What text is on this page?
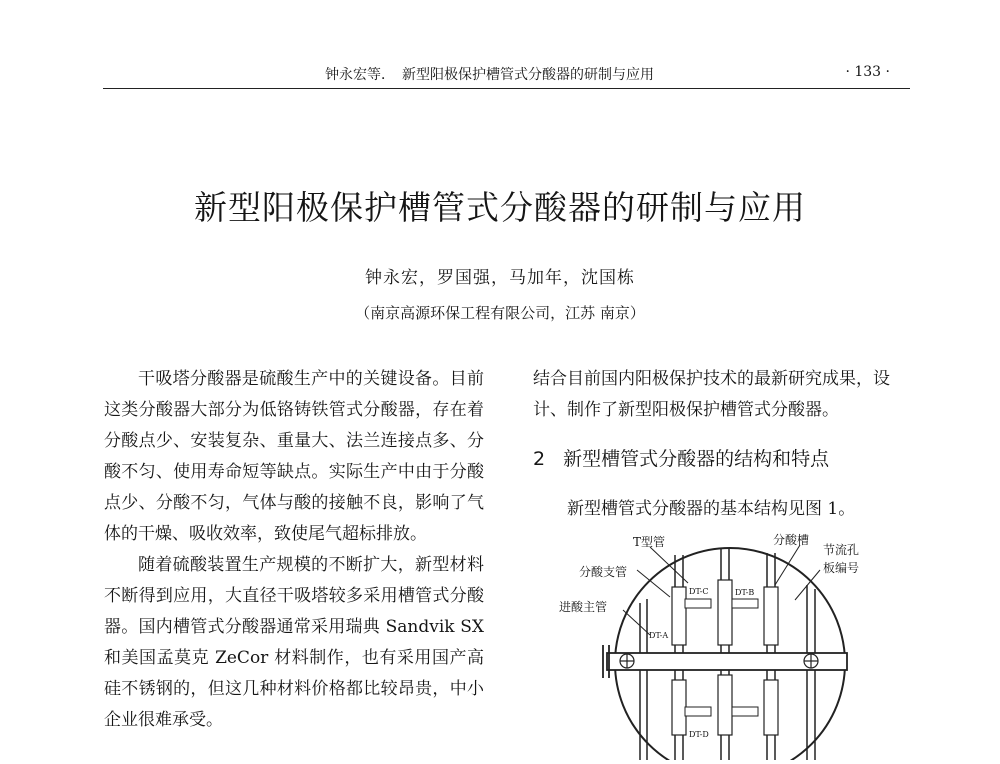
钟永宏等．　新型阳极保护槽管式分酸器的研制与应用	· 133 ·
新型阳极保护槽管式分酸器的研制与应用
钟永宏，罗国强，马加年，沈国栋
（南京高源环保工程有限公司，江苏 南京）

干吸塔分酸器是硫酸生产中的关键设备。目前这类分酸器大部分为低铬铸铁管式分酸器，存在着分酸点少、安装复杂、重量大、法兰连接点多、分酸不匀、使用寿命短等缺点。实际生产中由于分酸点少、分酸不匀，气体与酸的接触不良，影响了气体的干燥、吸收效率，致使尾气超标排放。

随着硫酸装置生产规模的不断扩大，新型材料不断得到应用，大直径干吸塔较多采用槽管式分酸器。国内槽管式分酸器通常采用瑞典 Sandvik SX 和美国孟莫克 ZeCor 材料制作，也有采用国产高硅不锈钢的，但这几种材料价格都比较昂贵，中小企业很难承受。

结合目前国内阳极保护技术的最新研究成果，设计、制作了新型阳极保护槽管式分酸器。

2 新型槽管式分酸器的结构和特点
新型槽管式分酸器的基本结构见图 1。
T型管
分酸支管
进酸主管
分酸槽
节流孔
板编号
DT-C
DT-A
DT-B
DT-D
